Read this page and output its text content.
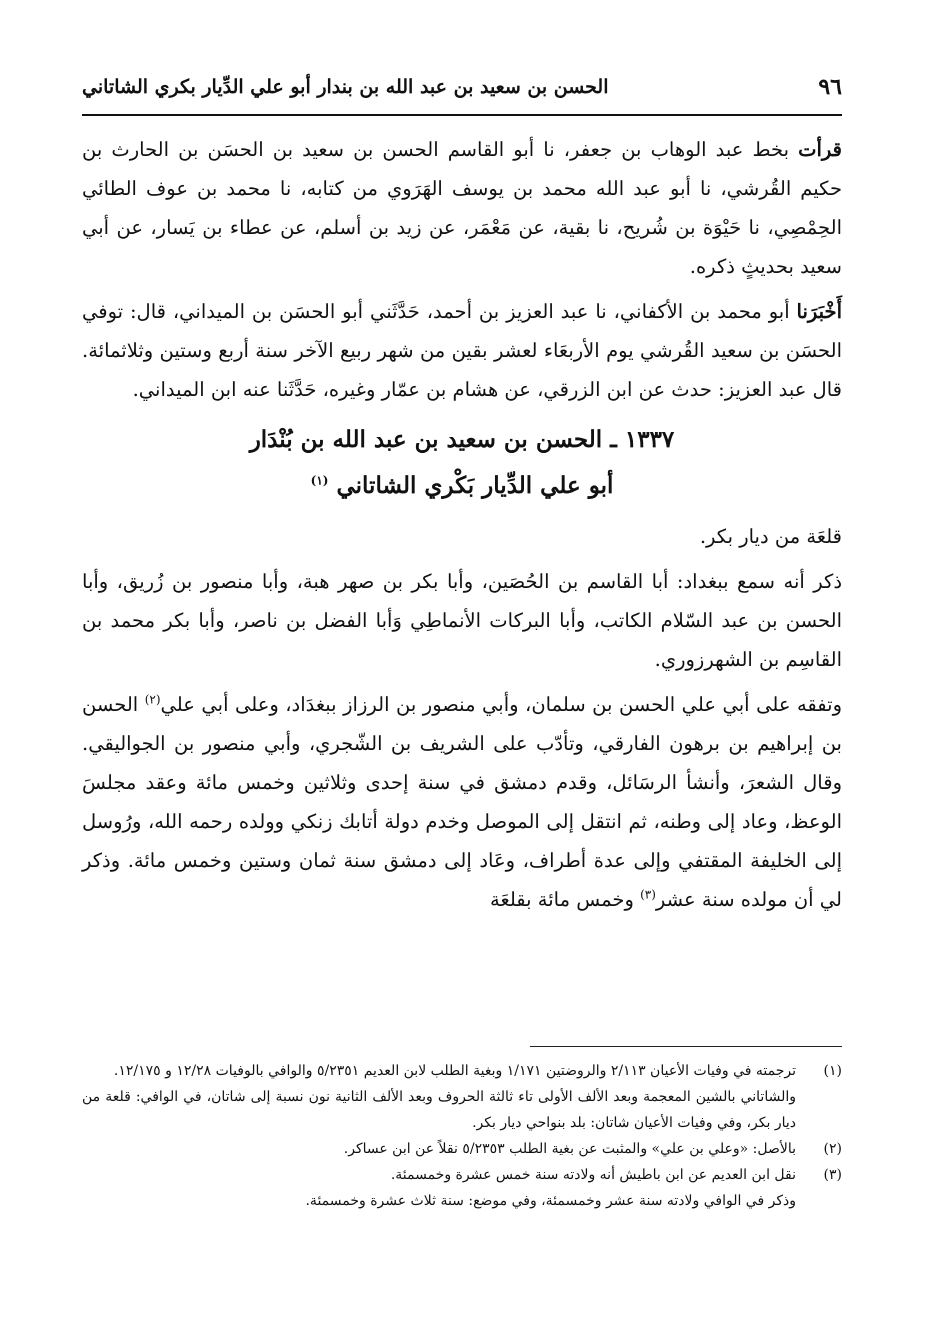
٩٦
الحسن بن سعيد بن عبد الله بن بندار أبو علي الدِّيار بكري الشاتاني

قرأت بخط عبد الوهاب بن جعفر، نا أبو القاسم الحسن بن سعيد بن الحسَن بن الحارث بن حكيم القُرشي، نا أبو عبد الله محمد بن يوسف الهَرَوي من كتابه، نا محمد بن عوف الطائي الحِمْصِي، نا حَيْوَة بن شُريح، نا بقية، عن مَعْمَر، عن زيد بن أسلم، عن عطاء بن يَسار، عن أبي سعيد بحديثٍ ذكره.

أَخْبَرَنا أبو محمد بن الأكفاني، نا عبد العزيز بن أحمد، حَدَّثَني أبو الحسَن بن الميداني، قال: توفي الحسَن بن سعيد القُرشي يوم الأربعَاء لعشر بقين من شهر ربيع الآخر سنة أربع وستين وثلاثمائة. قال عبد العزيز: حدث عن ابن الزرقي، عن هشام بن عمّار وغيره، حَدَّثَنا عنه ابن الميداني.

١٣٣٧ ـ الحسن بن سعيد بن عبد الله بن بُنْدَار
أبو علي الدِّيار بَكْري الشاتاني $^{(١)}$

قلعَة من ديار بكر.

ذكر أنه سمع ببغداد: أبا القاسم بن الحُصَين، وأبا بكر بن صهر هبة، وأبا منصور بن زُريق، وأبا الحسن بن عبد السّلام الكاتب، وأبا البركات الأنماطِي وَأبا الفضل بن ناصر، وأبا بكر محمد بن القاسِم بن الشهرزوري.

وتفقه على أبي علي الحسن بن سلمان، وأبي منصور بن الرزاز ببغدَاد، وعلى أبي علي$^{(٢)}$ الحسن بن إبراهيم بن برهون الفارقي، وتأدّب على الشريف بن الشّجري، وأبي منصور بن الجواليقي. وقال الشعرَ، وأنشأ الرسَائل، وقدم دمشق في سنة إحدى وثلاثين وخمس مائة وعقد مجلسَ الوعظ، وعاد إلى وطنه، ثم انتقل إلى الموصل وخدم دولة أتابك زنكي وولده رحمه الله، ورُوسل إلى الخليفة المقتفي وإلى عدة أطراف، وعَاد إلى دمشق سنة ثمان وستين وخمس مائة. وذكر لي أن مولده سنة عشر$^{(٣)}$ وخمس مائة بقلعَة

(١)

ترجمته في وفيات الأعيان ٢/١١٣ والروضتين ١/١٧١ وبغية الطلب لابن العديم ٥/٢٣٥١ والوافي بالوفيات ١٢/٢٨ و ١٢/١٧٥.

والشاتاني بالشين المعجمة وبعد الألف الأولى تاء ثالثة الحروف وبعد الألف الثانية نون نسبة إلى شاتان، في الوافي: قلعة من ديار بكر، وفي وفيات الأعيان شاتان: بلد بنواحي ديار بكر.

(٢)

بالأصل: «وعلي بن علي» والمثبت عن بغية الطلب ٥/٢٣٥٣ نقلاً عن ابن عساكر.

(٣)

نقل ابن العديم عن ابن باطيش أنه ولادته سنة خمس عشرة وخمسمئة.

وذكر في الوافي ولادته سنة عشر وخمسمئة، وفي موضع: سنة ثلاث عشرة وخمسمئة.
